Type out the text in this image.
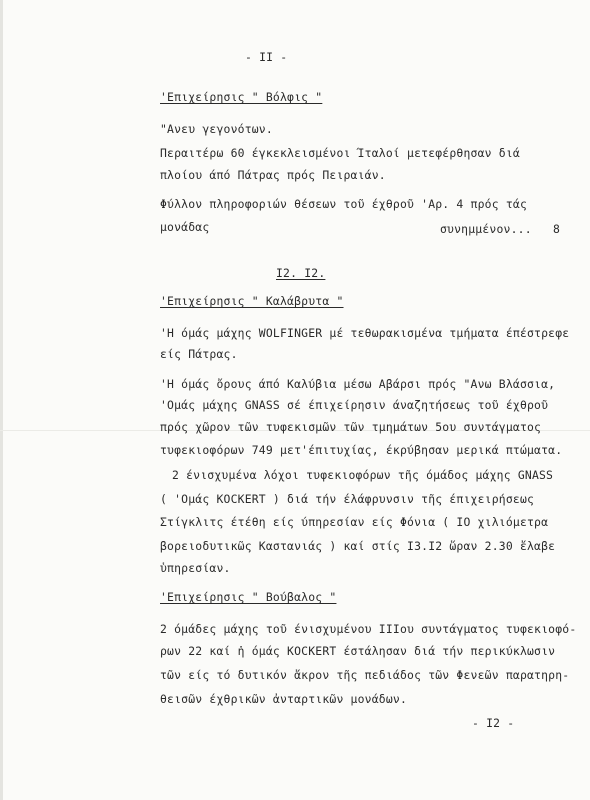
- II -
'Επιχείρησις " Βόλφις "
"Ανευ γεγονότων.
Περαιτέρω 60 έγκεκλεισμένοι Ίταλοί μετεφέρθησαν διά
πλοίου άπό Πάτρας πρός Πειραιάν.
Φύλλον πληροφοριών θέσεων τοῦ έχθροῦ 'Αρ. 4 πρός τάς
μονάδας	συνημμένον... 8
I2. I2.
'Επιχείρησις " Καλάβρυτα "
'Η όμάς μάχης WOLFINGER μέ τεθωρακισμένα τμήματα έπέστρεφε
είς Πάτρας.
'Η όμάς ὄρους άπό Καλύβια μέσω Αβάρσι πρός "Ανω Βλάσσια,
'Ομάς μάχης GNASS σέ έπιχείρησιν άναζητήσεως τοῦ έχθροῦ
πρός χῶρον τῶν τυφεκισμῶν τῶν τμημάτων 5ου συντάγματος
τυφεκιοφόρων 749 μετ'έπιτυχίας, έκρύβησαν μερικά πτώματα.
2 ένισχυμένα λόχοι τυφεκιοφόρων τῆς όμάδος μάχης GNASS
( 'Ομάς KOCKERT ) διά τήν έλάφρυνσιν τῆς έπιχειρήσεως
Στίγκλιτς έτέθη είς ύπηρεσίαν είς Φόνια ( IO χιλιόμετρα
βορειοδυτικῶς Καστανιάς ) καί στίς I3.I2 ὥραν 2.30 ἔλαβε
ὑπηρεσίαν.
'Επιχείρησις " Βούβαλος "
2 όμάδες μάχης τοῦ ένισχυμένου IIIου συντάγματος τυφεκιοφό-
ρων 22 καί ἡ όμάς KOCKERT έστάλησαν διά τήν περικύκλωσιν
τῶν είς τό δυτικόν ἄκρον τῆς πεδιάδος τῶν Φενεῶν παρατηρη-
θεισῶν έχθρικῶν ἀνταρτικῶν μονάδων.
- I2 -
